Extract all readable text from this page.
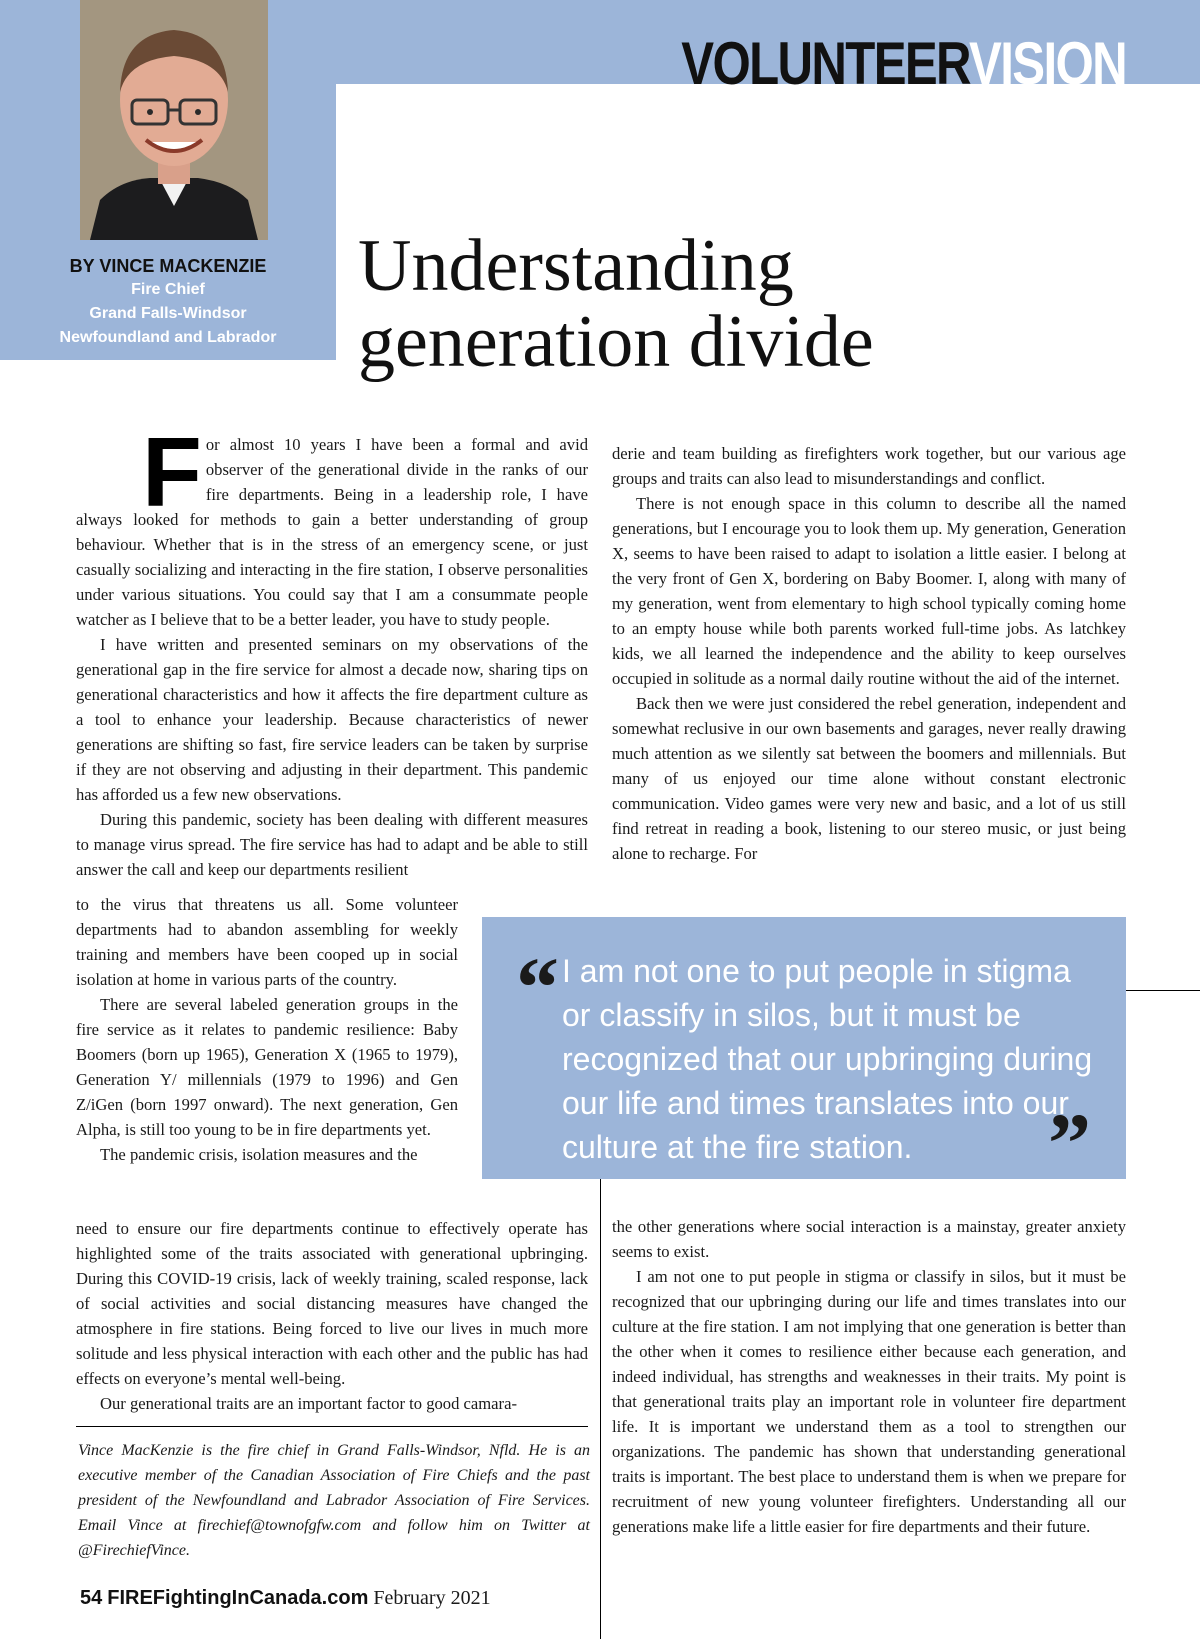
VOLUNTEERVISION
BY VINCE MACKENZIE
Fire Chief
Grand Falls-Windsor
Newfoundland and Labrador
Understanding
generation divide
F or almost 10 years I have been a formal and avid observer of the generational divide in the ranks of our fire departments. Being in a leadership role, I have always looked for methods to gain a better understanding of group behaviour. Whether that is in the stress of an emergency scene, or just casually socializing and interacting in the fire station, I observe personalities under various situations. You could say that I am a consummate people watcher as I believe that to be a better leader, you have to study people.

I have written and presented seminars on my observations of the generational gap in the fire service for almost a decade now, sharing tips on generational characteristics and how it affects the fire department culture as a tool to enhance your leadership. Because characteristics of newer generations are shifting so fast, fire service leaders can be taken by surprise if they are not observing and adjusting in their department. This pandemic has afforded us a few new observations.

During this pandemic, society has been dealing with different measures to manage virus spread. The fire service has had to adapt and be able to still answer the call and keep our departments resilient

to the virus that threatens us all. Some volunteer departments had to abandon assembling for weekly training and members have been cooped up in social isolation at home in various parts of the country.

There are several labeled generation groups in the fire service as it relates to pandemic resilience: Baby Boomers (born up 1965), Generation X (1965 to 1979), Generation Y/ millennials (1979 to 1996) and Gen Z/iGen (born 1997 onward). The next generation, Gen Alpha, is still too young to be in fire departments yet.

The pandemic crisis, isolation measures and the

need to ensure our fire departments continue to effectively operate has highlighted some of the traits associated with generational upbringing. During this COVID-19 crisis, lack of weekly training, scaled response, lack of social activities and social distancing measures have changed the atmosphere in fire stations. Being forced to live our lives in much more solitude and less physical interaction with each other and the public has had effects on everyone’s mental well-being.

Our generational traits are an important factor to good camara-

derie and team building as firefighters work together, but our various age groups and traits can also lead to misunderstandings and conflict.

There is not enough space in this column to describe all the named generations, but I encourage you to look them up. My generation, Generation X, seems to have been raised to adapt to isolation a little easier. I belong at the very front of Gen X, bordering on Baby Boomer. I, along with many of my generation, went from elementary to high school typically coming home to an empty house while both parents worked full-time jobs. As latchkey kids, we all learned the independence and the ability to keep ourselves occupied in solitude as a normal daily routine without the aid of the internet.

Back then we were just considered the rebel generation, independent and somewhat reclusive in our own basements and garages, never really drawing much attention as we silently sat between the boomers and millennials. But many of us enjoyed our time alone without constant electronic communication. Video games were very new and basic, and a lot of us still find retreat in reading a book, listening to our stereo music, or just being alone to recharge. For

the other generations where social interaction is a mainstay, greater anxiety seems to exist.

I am not one to put people in stigma or classify in silos, but it must be recognized that our upbringing during our life and times translates into our culture at the fire station. I am not implying that one generation is better than the other when it comes to resilience either because each generation, and indeed individual, has strengths and weaknesses in their traits. My point is that generational traits play an important role in volunteer fire department life. It is important we understand them as a tool to strengthen our organizations. The pandemic has shown that understanding generational traits is important. The best place to understand them is when we prepare for recruitment of new young volunteer firefighters. Understanding all our generations make life a little easier for fire departments and their future.

“ I am not one to put people in stigma or classify in silos, but it must be recognized that our upbringing during our life and times translates into our culture at the fire station.	”

Vince MacKenzie is the fire chief in Grand Falls-Windsor, Nfld. He is an executive member of the Canadian Association of Fire Chiefs and the past president of the Newfoundland and Labrador Association of Fire Services. Email Vince at firechief@townofgfw.com and follow him on Twitter at @FirechiefVince.

54 FIREFightingInCanada.com February 2021
